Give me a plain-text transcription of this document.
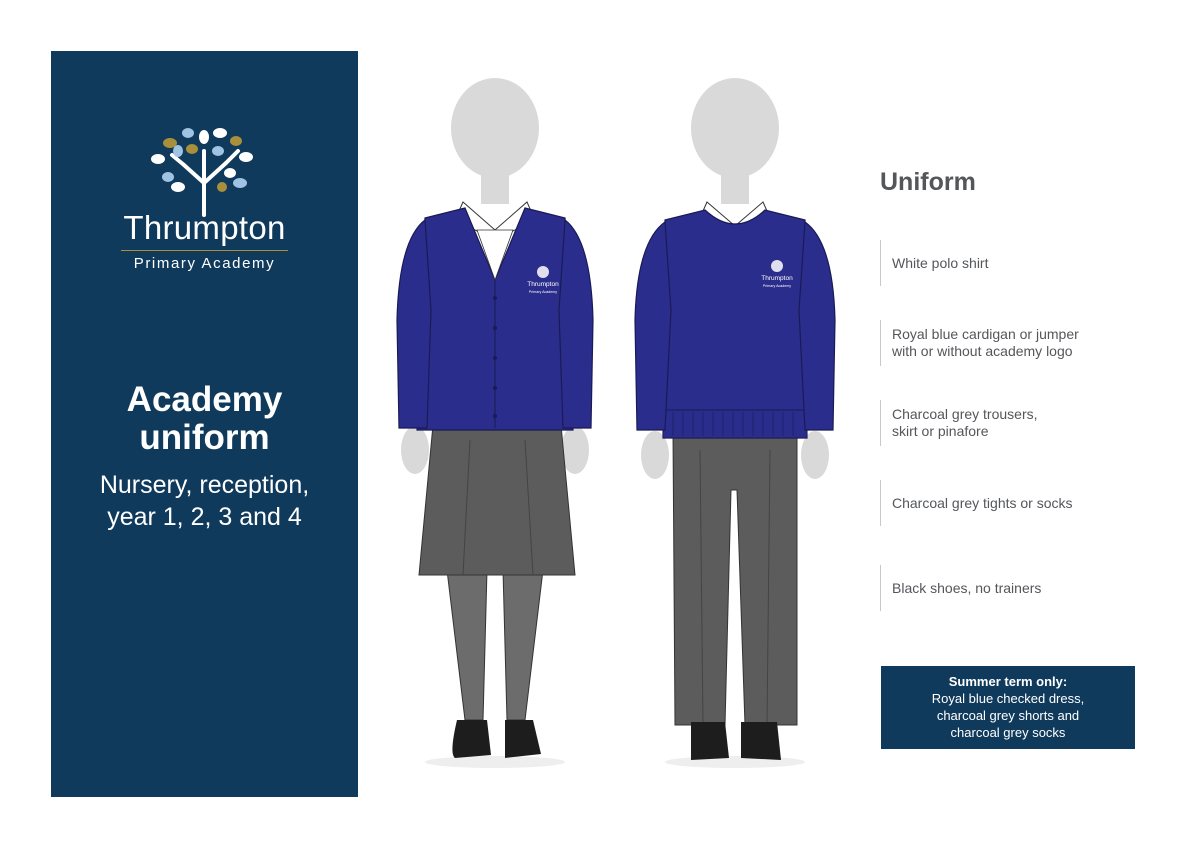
Thrumpton
Primary Academy
Academy
uniform
Nursery, reception,
year 1, 2, 3 and 4
Thrumpton
Primary Academy
Thrumpton
Primary Academy
Uniform
White polo shirt
Royal blue cardigan or jumper
with or without academy logo
Charcoal grey trousers,
skirt or pinafore
Charcoal grey tights or socks
Black shoes, no trainers
Summer term only:
Royal blue checked dress,
charcoal grey shorts and
charcoal grey socks
